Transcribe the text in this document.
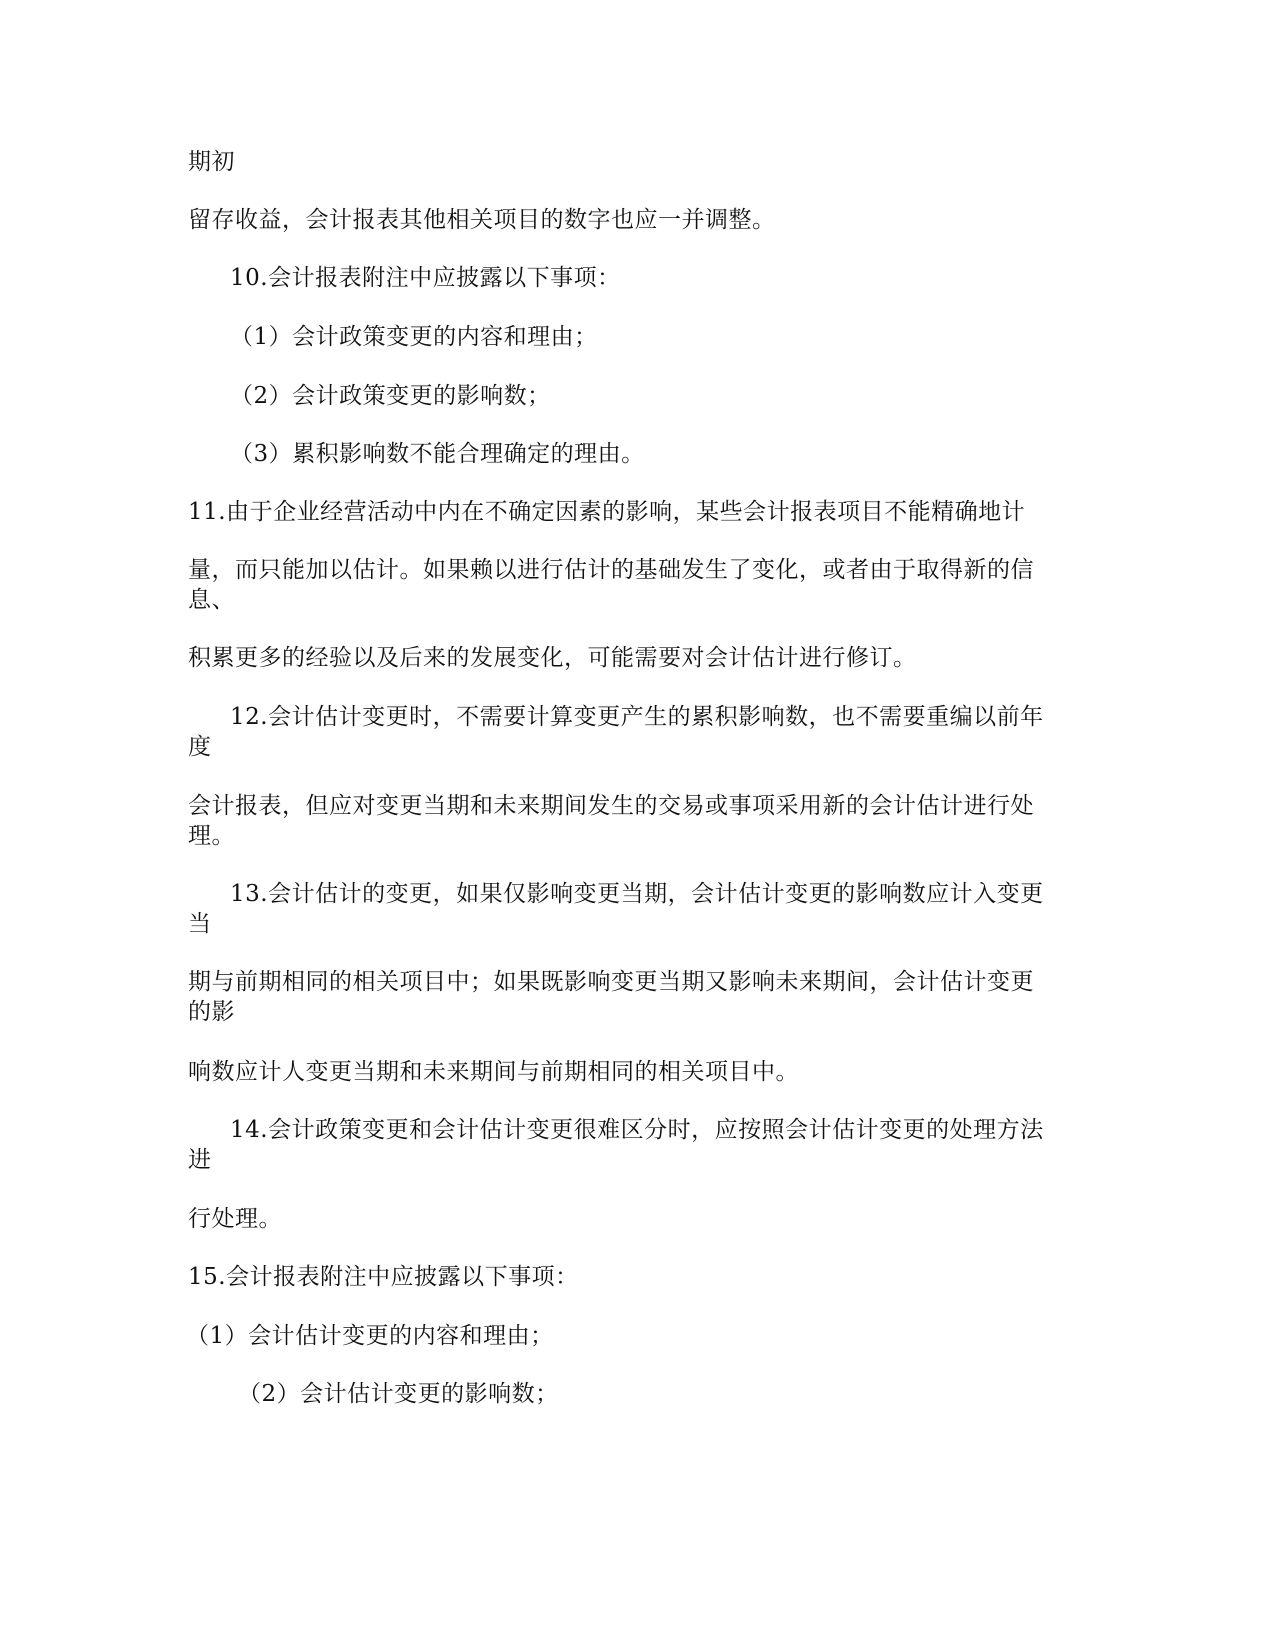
期初
留存收益，会计报表其他相关项目的数字也应一并调整。
10.会计报表附注中应披露以下事项：
（1）会计政策变更的内容和理由；
（2）会计政策变更的影响数；
（3）累积影响数不能合理确定的理由。
11.由于企业经营活动中内在不确定因素的影响，某些会计报表项目不能精确地计
量，而只能加以估计。如果赖以进行估计的基础发生了变化，或者由于取得新的信
息、
积累更多的经验以及后来的发展变化，可能需要对会计估计进行修订。
12.会计估计变更时，不需要计算变更产生的累积影响数，也不需要重编以前年
度
会计报表，但应对变更当期和未来期间发生的交易或事项采用新的会计估计进行处
理。
13.会计估计的变更，如果仅影响变更当期，会计估计变更的影响数应计入变更
当
期与前期相同的相关项目中；如果既影响变更当期又影响未来期间，会计估计变更
的影
响数应计人变更当期和未来期间与前期相同的相关项目中。
14.会计政策变更和会计估计变更很难区分时，应按照会计估计变更的处理方法
进
行处理。
15.会计报表附注中应披露以下事项：
（1）会计估计变更的内容和理由；
（2）会计估计变更的影响数；
